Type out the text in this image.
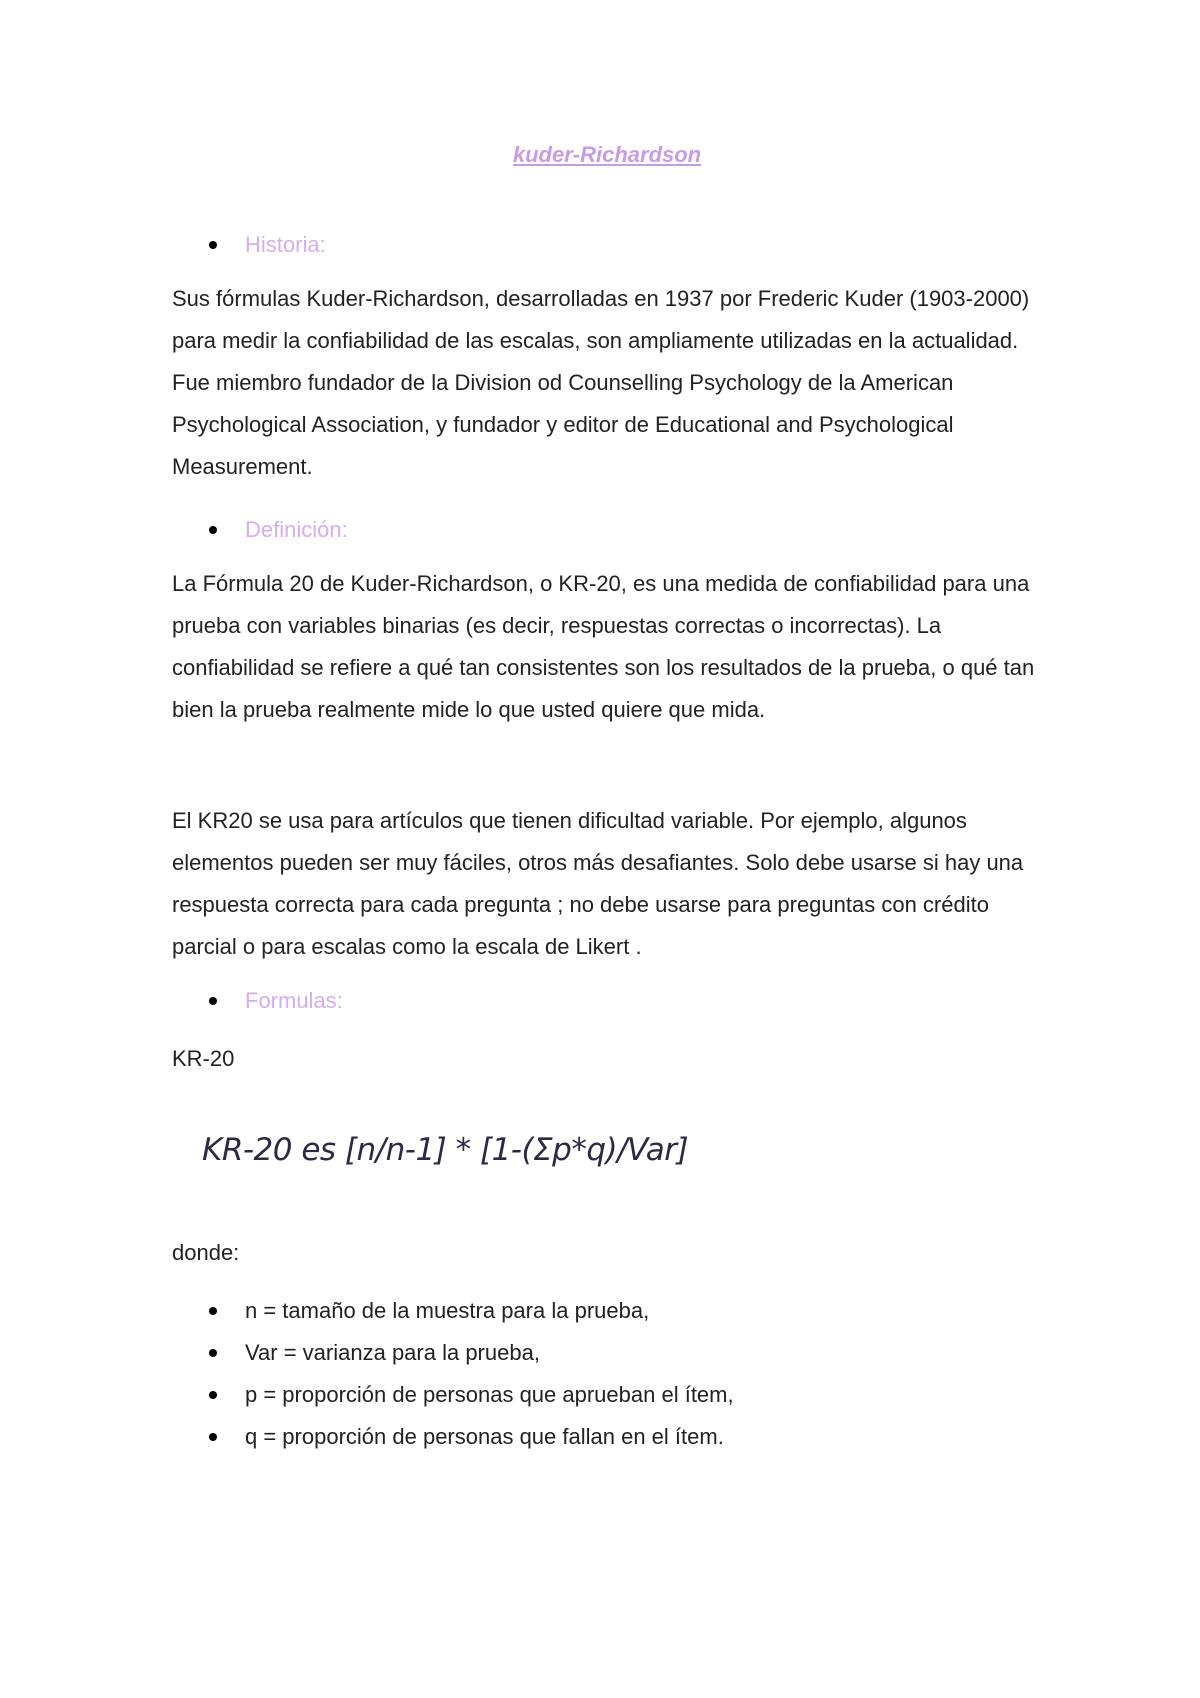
kuder-Richardson
Historia:

Sus fórmulas Kuder-Richardson, desarrolladas en 1937 por Frederic Kuder (1903-2000) para medir la confiabilidad de las escalas, son ampliamente utilizadas en la actualidad. Fue miembro fundador de la Division od Counselling Psychology de la American Psychological Association, y fundador y editor de Educational and Psychological Measurement.

Definición:

La Fórmula 20 de Kuder-Richardson, o KR-20, es una medida de confiabilidad para una prueba con variables binarias (es decir, respuestas correctas o incorrectas). La confiabilidad se refiere a qué tan consistentes son los resultados de la prueba, o qué tan bien la prueba realmente mide lo que usted quiere que mida.

El KR20 se usa para artículos que tienen dificultad variable. Por ejemplo, algunos elementos pueden ser muy fáciles, otros más desafiantes. Solo debe usarse si hay una respuesta correcta para cada pregunta ; no debe usarse para preguntas con crédito parcial o para escalas como la escala de Likert .

Formulas:

KR-20

KR-20 es [n/n-1] * [1-(Σp*q)/Var]

donde:

n = tamaño de la muestra para la prueba,
Var = varianza para la prueba,
p = proporción de personas que aprueban el ítem,
q = proporción de personas que fallan en el ítem.
